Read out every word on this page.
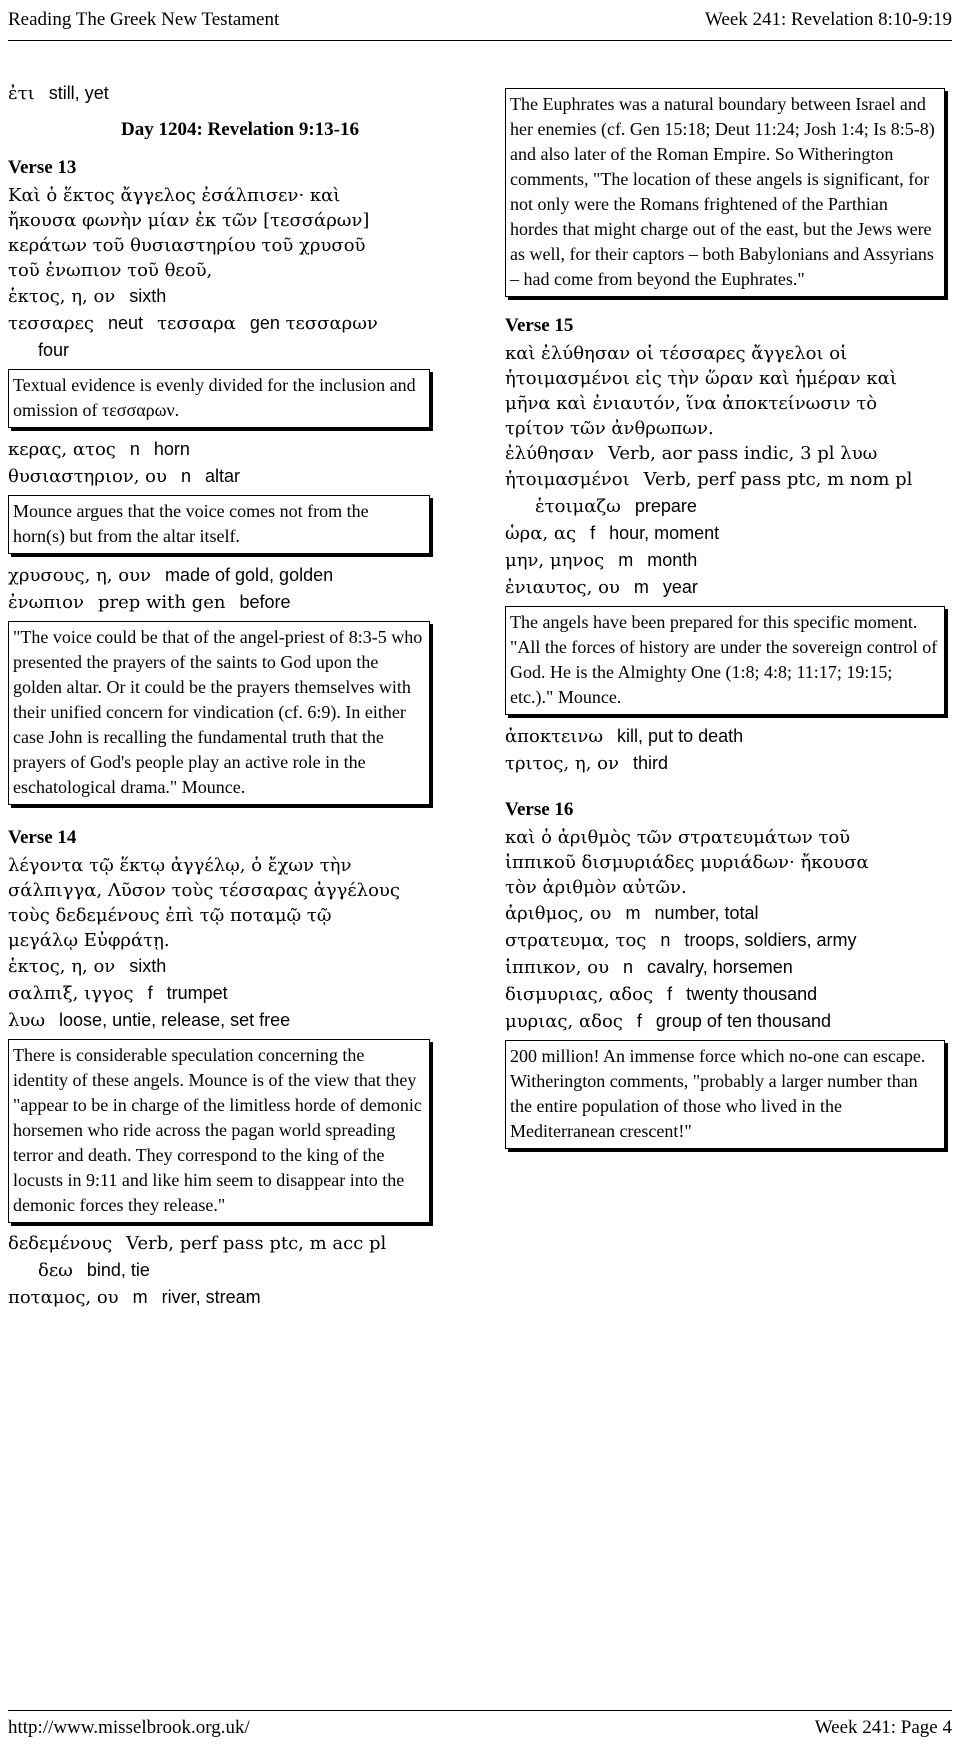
Reading The Greek New Testament	Week 241: Revelation 8:10-9:19
ἐτι still, yet
Day 1204: Revelation 9:13-16
Verse 13
Καὶ ὁ ἕκτος ἄγγελος ἐσάλπισεν· καὶ
ἤκουσα φωνὴν μίαν ἐκ τῶν [τεσσάρων]
κεράτων τοῦ θυσιαστηρίου τοῦ χρυσοῦ
τοῦ ἐνωπιον τοῦ θεοῦ,
ἑκτος, η, ον sixth
τεσσαρες neut τεσσαρα gen τεσσαρων
four
Textual evidence is evenly divided for the inclusion and omission of τεσσαρων.
κερας, ατος n horn
θυσιαστηριον, ου n altar
Mounce argues that the voice comes not from the horn(s) but from the altar itself.
χρυσους, η, ουν made of gold, golden
ἐνωπιον prep with gen before
"The voice could be that of the angel-priest of 8:3-5 who presented the prayers of the saints to God upon the golden altar. Or it could be the prayers themselves with their unified concern for vindication (cf. 6:9). In either case John is recalling the fundamental truth that the prayers of God's people play an active role in the eschatological drama." Mounce.
Verse 14
λέγοντα τῷ ἕκτῳ ἀγγέλῳ, ὁ ἔχων τὴν
σάλπιγγα, Λῦσον τοὺς τέσσαρας ἀγγέλους
τοὺς δεδεμένους ἐπὶ τῷ ποταμῷ τῷ
μεγάλῳ Εὐφράτῃ.
ἑκτος, η, ον sixth
σαλπιξ, ιγγος f trumpet
λυω loose, untie, release, set free
There is considerable speculation concerning the identity of these angels. Mounce is of the view that they "appear to be in charge of the limitless horde of demonic horsemen who ride across the pagan world spreading terror and death. They correspond to the king of the locusts in 9:11 and like him seem to disappear into the demonic forces they release."
δεδεμένους Verb, perf pass ptc, m acc pl
δεω bind, tie
ποταμος, ου m river, stream
The Euphrates was a natural boundary between Israel and her enemies (cf. Gen 15:18; Deut 11:24; Josh 1:4; Is 8:5-8) and also later of the Roman Empire. So Witherington comments, "The location of these angels is significant, for not only were the Romans frightened of the Parthian hordes that might charge out of the east, but the Jews were as well, for their captors – both Babylonians and Assyrians – had come from beyond the Euphrates."
Verse 15
καὶ ἐλύθησαν οἱ τέσσαρες ἄγγελοι οἱ
ἡτοιμασμένοι εἰς τὴν ὥραν καὶ ἡμέραν καὶ
μῆνα καὶ ἐνιαυτόν, ἵνα ἀποκτείνωσιν τὸ
τρίτον τῶν ἀνθρωπων.
ἐλύθησαν Verb, aor pass indic, 3 pl λυω
ἡτοιμασμένοι Verb, perf pass ptc, m nom pl
ἑτοιμαζω prepare
ὡρα, ας f hour, moment
μην, μηνος m month
ἐνιαυτος, ου m year
The angels have been prepared for this specific moment. "All the forces of history are under the sovereign control of God. He is the Almighty One (1:8; 4:8; 11:17; 19:15; etc.)." Mounce.
ἀποκτεινω kill, put to death
τριτος, η, ον third
Verse 16
καὶ ὁ ἀριθμὸς τῶν στρατευμάτων τοῦ
ἱππικοῦ δισμυριάδες μυριάδων· ἤκουσα
τὸν ἀριθμὸν αὐτῶν.
ἀριθμος, ου m number, total
στρατευμα, τος n troops, soldiers, army
ἱππικον, ου n cavalry, horsemen
δισμυριας, αδος f twenty thousand
μυριας, αδος f group of ten thousand
200 million! An immense force which no-one can escape. Witherington comments, "probably a larger number than the entire population of those who lived in the Mediterranean crescent!"
http://www.misselbrook.org.uk/	Week 241: Page 4
